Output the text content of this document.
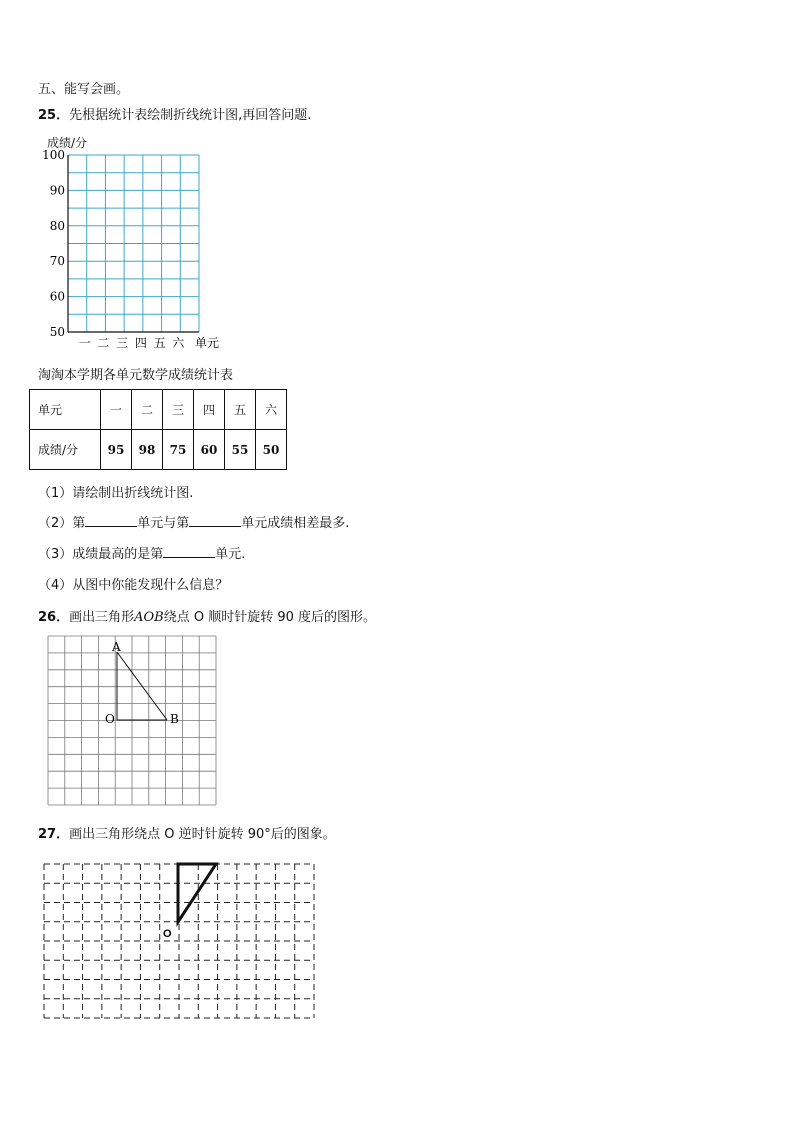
五、能写会画。
25．先根据统计表绘制折线统计图,再回答问题.
成绩/分
100
90
80
70
60
50
一 二 三 四 五 六 单元
淘淘本学期各单元数学成绩统计表
单元	一	二	三	四	五	六
成绩/分	95	98	75	60	55	50
（1）请绘制出折线统计图.
（2）第	单元与第	单元成绩相差最多.
（3）成绩最高的是第	单元.
（4）从图中你能发现什么信息？
26．画出三角形AOB绕点 O 顺时针旋转 90 度后的图形。
A
O	B
27．画出三角形绕点 O 逆时针旋转 90°后的图象。
O
